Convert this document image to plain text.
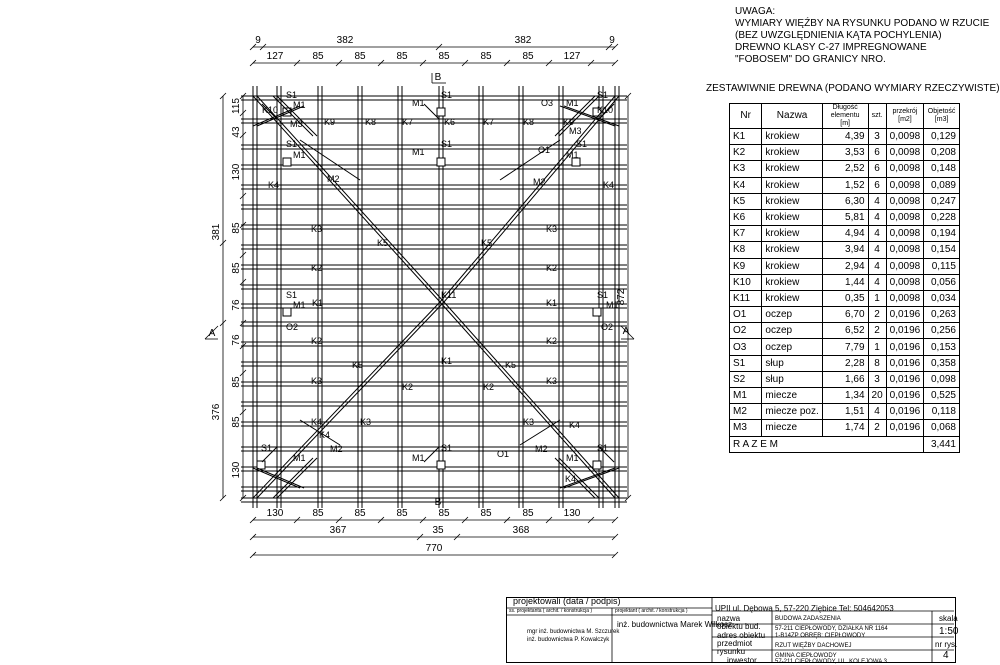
9	382	382	9
127	85	85	85	85	85	85	127
130	85	85	85	85	85	85	130
367	35	368
770
381
376
115
43
130
85
85
76
76
85
85
130
872
B
B
A	A
K10
S1
M1
M3 K9	K8	K7
M1
S1
K6	K7	K8
O3 M1
S1
K10
K9
M3
S1
M1	M1
S1
O1
S1
M1
K4
M2	M2	K4
K3
K5	K5
K3
K2	K2
S1
M1 K1
K11
K1
S1
M1
O2	O2
K2	K2
K5	K1	K5
K3
K2	K2
K3
K4	K3	K3	K4
K4
S1
M1
M2
M1
S1
O1	M2
M1
S1
K4
UWAGA:
WYMIARY WIĘŹBY NA RYSUNKU PODANO W RZUCIE
(BEZ UWZGLĘDNIENIA KĄTA POCHYLENIA)
DREWNO KLASY C-27 IMPREGNOWANE
"FOBOSEM" DO GRANICY NRO.
ZESTAWIWNIE DREWNA (PODANO WYMIARY RZECZYWISTE)
Nr	Nazwa	Długość elementu [m]	szt.	przekrój [m2]	Objetość [m3]
K1	krokiew	4,39	3	0,0098	0,129
K2	krokiew	3,53	6	0,0098	0,208
K3	krokiew	2,52	6	0,0098	0,148
K4	krokiew	1,52	6	0,0098	0,089
K5	krokiew	6,30	4	0,0098	0,247
K6	krokiew	5,81	4	0,0098	0,228
K7	krokiew	4,94	4	0,0098	0,194
K8	krokiew	3,94	4	0,0098	0,154
K9	krokiew	2,94	4	0,0098	0,115
K10	krokiew	1,44	4	0,0098	0,056
K11	krokiew	0,35	1	0,0098	0,034
O1	oczep	6,70	2	0,0196	0,263
O2	oczep	6,52	2	0,0196	0,256
O3	oczep	7,79	1	0,0196	0,153
S1	słup	2,28	8	0,0196	0,358
S2	słup	1,66	3	0,0196	0,098
M1	miecze	1,34	20	0,0196	0,525
M2	miecze poz.	1,51	4	0,0196	0,118
M3	miecze	1,74	2	0,0196	0,068
R A Z E M					3,441
projektowali (data / podpis)
ss. projektanta ( archit. / konstrukcja )	projektant ( archit. / konstrukcja )
mgr inż. budownictwa M. Szczurek
inż. budownictwa P. Kowalczyk
inż. budownictwa Marek Wilkosz
UPII ul. Dębowa 5, 57-220 Ziębice Tel: 504642053
nazwa obiektu bud.
BUDOWA ZADASZENIA
adres obiektu
57-211 CIEPŁOWODY, DZIAŁKA NR 1164
1-B14ZP OBRĘB: CIEPŁOWODY
przedmiot rysunku
RZUT WIĘŹBY DACHOWEJ
inwestor	GMINA CIEPŁOWODY
57-211 CIEPŁOWODY, UL. KOLEJOWA 3
skala
1:50
nr rys.
4
